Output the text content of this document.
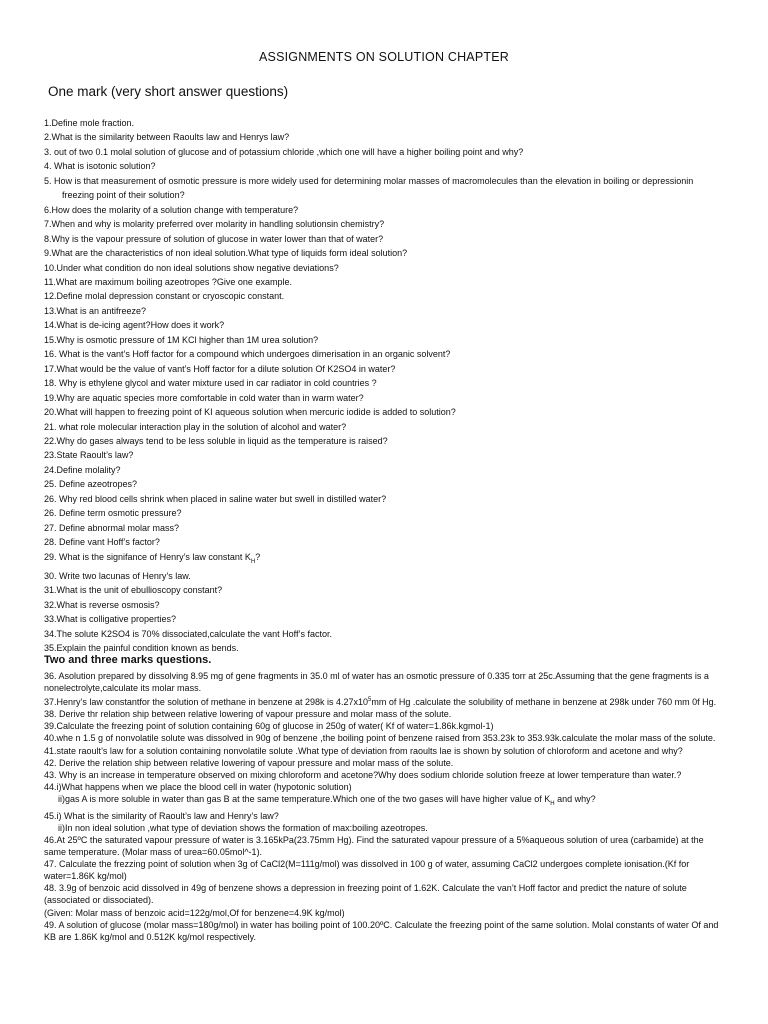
ASSIGNMENTS ON SOLUTION CHAPTER
One mark (very short answer questions)
1.Define mole fraction.
2.What is the similarity between Raoults law and Henrys law?
3. out of two 0.1 molal solution of glucose and of potassium chloride ,which one will have a higher boiling point and why?
4. What is isotonic solution?
5. How is that measurement of osmotic pressure is more widely used for determining molar masses of macromolecules than the elevation in boiling or depressionin
freezing point of their solution?
6.How does the molarity of a solution change with temperature?
7.When and why is molarity preferred over molarity in handling solutionsin chemistry?
8.Why is the vapour pressure of solution of glucose in water lower than that of water?
9.What are the characteristics of non ideal solution.What type of liquids form ideal solution?
10.Under what condition do non ideal solutions show negative deviations?
11.What are maximum boiling azeotropes ?Give one example.
12.Define molal depression constant or cryoscopic constant.
13.What is an antifreeze?
14.What is de-icing agent?How does it work?
15.Why is osmotic pressure of 1M KCl higher than 1M urea solution?
16. What is the vant’s Hoff factor for a compound which undergoes dimerisation in an organic solvent?
17.What would be the value of vant’s Hoff factor for a dilute solution Of K2SO4 in water?
18. Why is ethylene glycol and water mixture used in car radiator in cold countries ?
19.Why are aquatic species more comfortable in cold water than in warm water?
20.What will happen to freezing point of KI aqueous solution when mercuric iodide is added to solution?
21. what role molecular interaction play in the solution of alcohol and water?
22.Why do gases always tend to be less soluble in liquid as the temperature is raised?
23.State Raoult’s law?
24.Define molality?
25. Define azeotropes?
26. Why red blood cells shrink when placed in saline water but swell in distilled water?
26. Define term osmotic pressure?
27. Define abnormal molar mass?
28. Define vant Hoff’s factor?
29. What is the signifance of Henry’s law constant $K_H$?
30. Write two lacunas of Henry’s law.
31.What is the unit of ebullioscopy constant?
32.What is reverse osmosis?
33.What is colligative properties?
34.The solute K2SO4 is 70% dissociated,calculate the vant Hoff’s factor.
35.Explain the painful condition known as bends.
Two and three marks questions.
36. Asolution prepared by dissolving 8.95 mg of gene fragments in 35.0 ml of water has an osmotic pressure of 0.335 torr at 25c.Assuming that the gene fragments is a nonelectrolyte,calculate its molar mass.
37.Henry’s law constantfor the solution of methane in benzene at 298k is $4.27x10^5mm$ of Hg .calculate the solubility of methane in benzene at 298k under 760 mm 0f Hg.
38. Derive thr relation ship between relative lowering of vapour pressure and molar mass of the solute.
39.Calculate the freezing point of solution containing 60g of glucose in 250g of water( Kf of water=1.86k.kgmol-1)
40.whe n 1.5 g of nonvolatile solute was dissolved in 90g of benzene ,the boiling point of benzene raised from 353.23k to 353.93k.calculate the molar mass of the solute.
41.state raoult’s law for a solution containing nonvolatile solute .What type of deviation from raoults lae is shown by solution of chloroform and acetone and why?
42. Derive the relation ship between relative lowering of vapour pressure and molar mass of the solute.
43. Why is an increase in temperature observed on mixing chloroform and acetone?Why does sodium chloride solution freeze at lower temperature than water.?
44.i)What happens when we place the blood cell in water (hypotonic solution)
ii)gas A is more soluble in water than gas B at the same temperature.Which one of the two gases will have higher value of $K_H$ and why?
45.i) What is the similarity of Raoult’s law and Henry’s law?
ii)In non ideal solution ,what type of deviation shows the formation of max:boiling azeotropes.
46.At 25ºC the saturated vapour pressure of water is 3.165kPa(23.75mm Hg). Find the saturated vapour pressure of a 5%aqueous solution of urea (carbamide) at the same temperature. (Molar mass of urea=60.05mol^-1).
47. Calculate the frezzing point of solution when 3g of CaCl2(M=111g/mol) was dissolved in 100 g of water, assuming CaCl2 undergoes complete ionisation.(Kf for water=1.86K kg/mol)
48. 3.9g of benzoic acid dissolved in 49g of benzene shows a depression in freezing point of 1.62K. Calculate the van’t Hoff factor and predict the nature of solute (associated or dissociated).
(Given: Molar mass of benzoic acid=122g/mol,Of for benzene=4.9K kg/mol)
49. A solution of glucose (molar mass=180g/mol) in water has boiling point of 100.20ºC. Calculate the freezing point of the same solution. Molal constants of water Of and KB are 1.86K kg/mol and 0.512K kg/mol respectively.
